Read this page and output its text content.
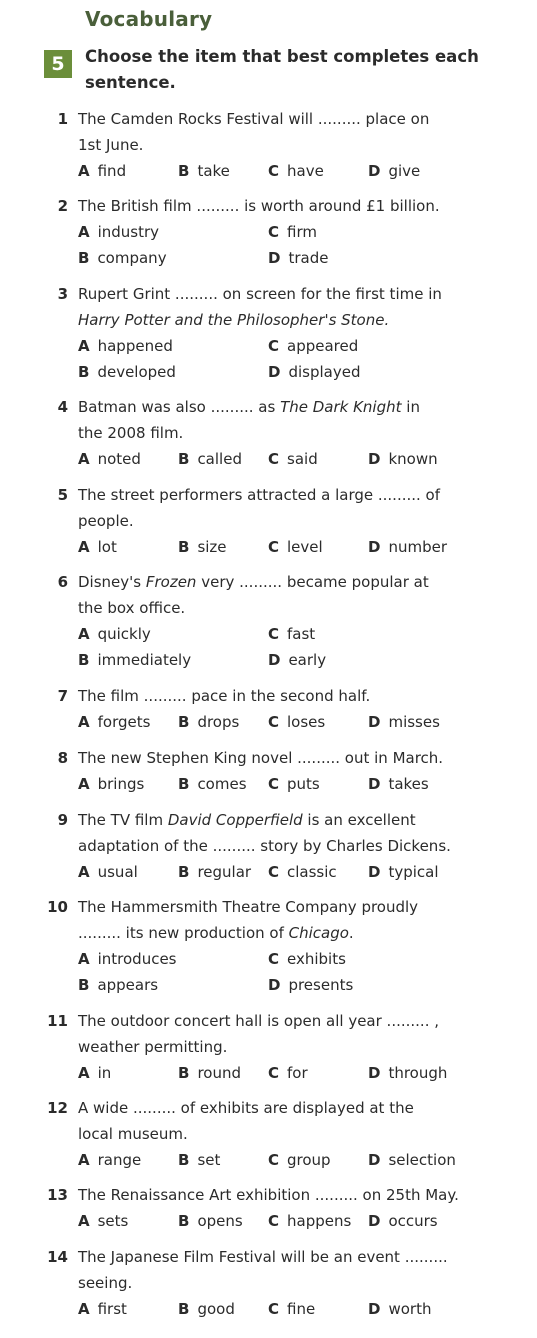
Vocabulary
5	Choose the item that best completes each sentence.
1 The Camden Rocks Festival will ......... place on
1st June.
A find	B take	C have	D give
2 The British film ......... is worth around £1 billion.
A industry	C firm
B company	D trade
3 Rupert Grint ......... on screen for the first time in
Harry Potter and the Philosopher's Stone.
A happened	C appeared
B developed	D displayed
4 Batman was also ......... as The Dark Knight in
the 2008 film.
A noted B called C said	D known
5 The street performers attracted a large ......... of
people.
A lot	B size	C level	D number
6 Disney's Frozen very ......... became popular at
the box office.
A quickly	C fast
B immediately	D early
7 The film ......... pace in the second half.
A forgets B drops C loses	D misses
8 The new Stephen King novel ......... out in March.
A brings B comes C puts	D takes
9 The TV film David Copperfield is an excellent
adaptation of the ......... story by Charles Dickens.
A usual	B regular C classic D typical
10 The Hammersmith Theatre Company proudly
......... its new production of Chicago.
A introduces	C exhibits
B appears	D presents
11 The outdoor concert hall is open all year ......... ,
weather permitting.
A in	B round C for	D through
12 A wide ......... of exhibits are displayed at the
local museum.
A range B set	C group D selection
13 The Renaissance Art exhibition ......... on 25th May.
A sets	B opens C happens D occurs
14 The Japanese Film Festival will be an event .........
seeing.
A first	B good C fine	D worth
